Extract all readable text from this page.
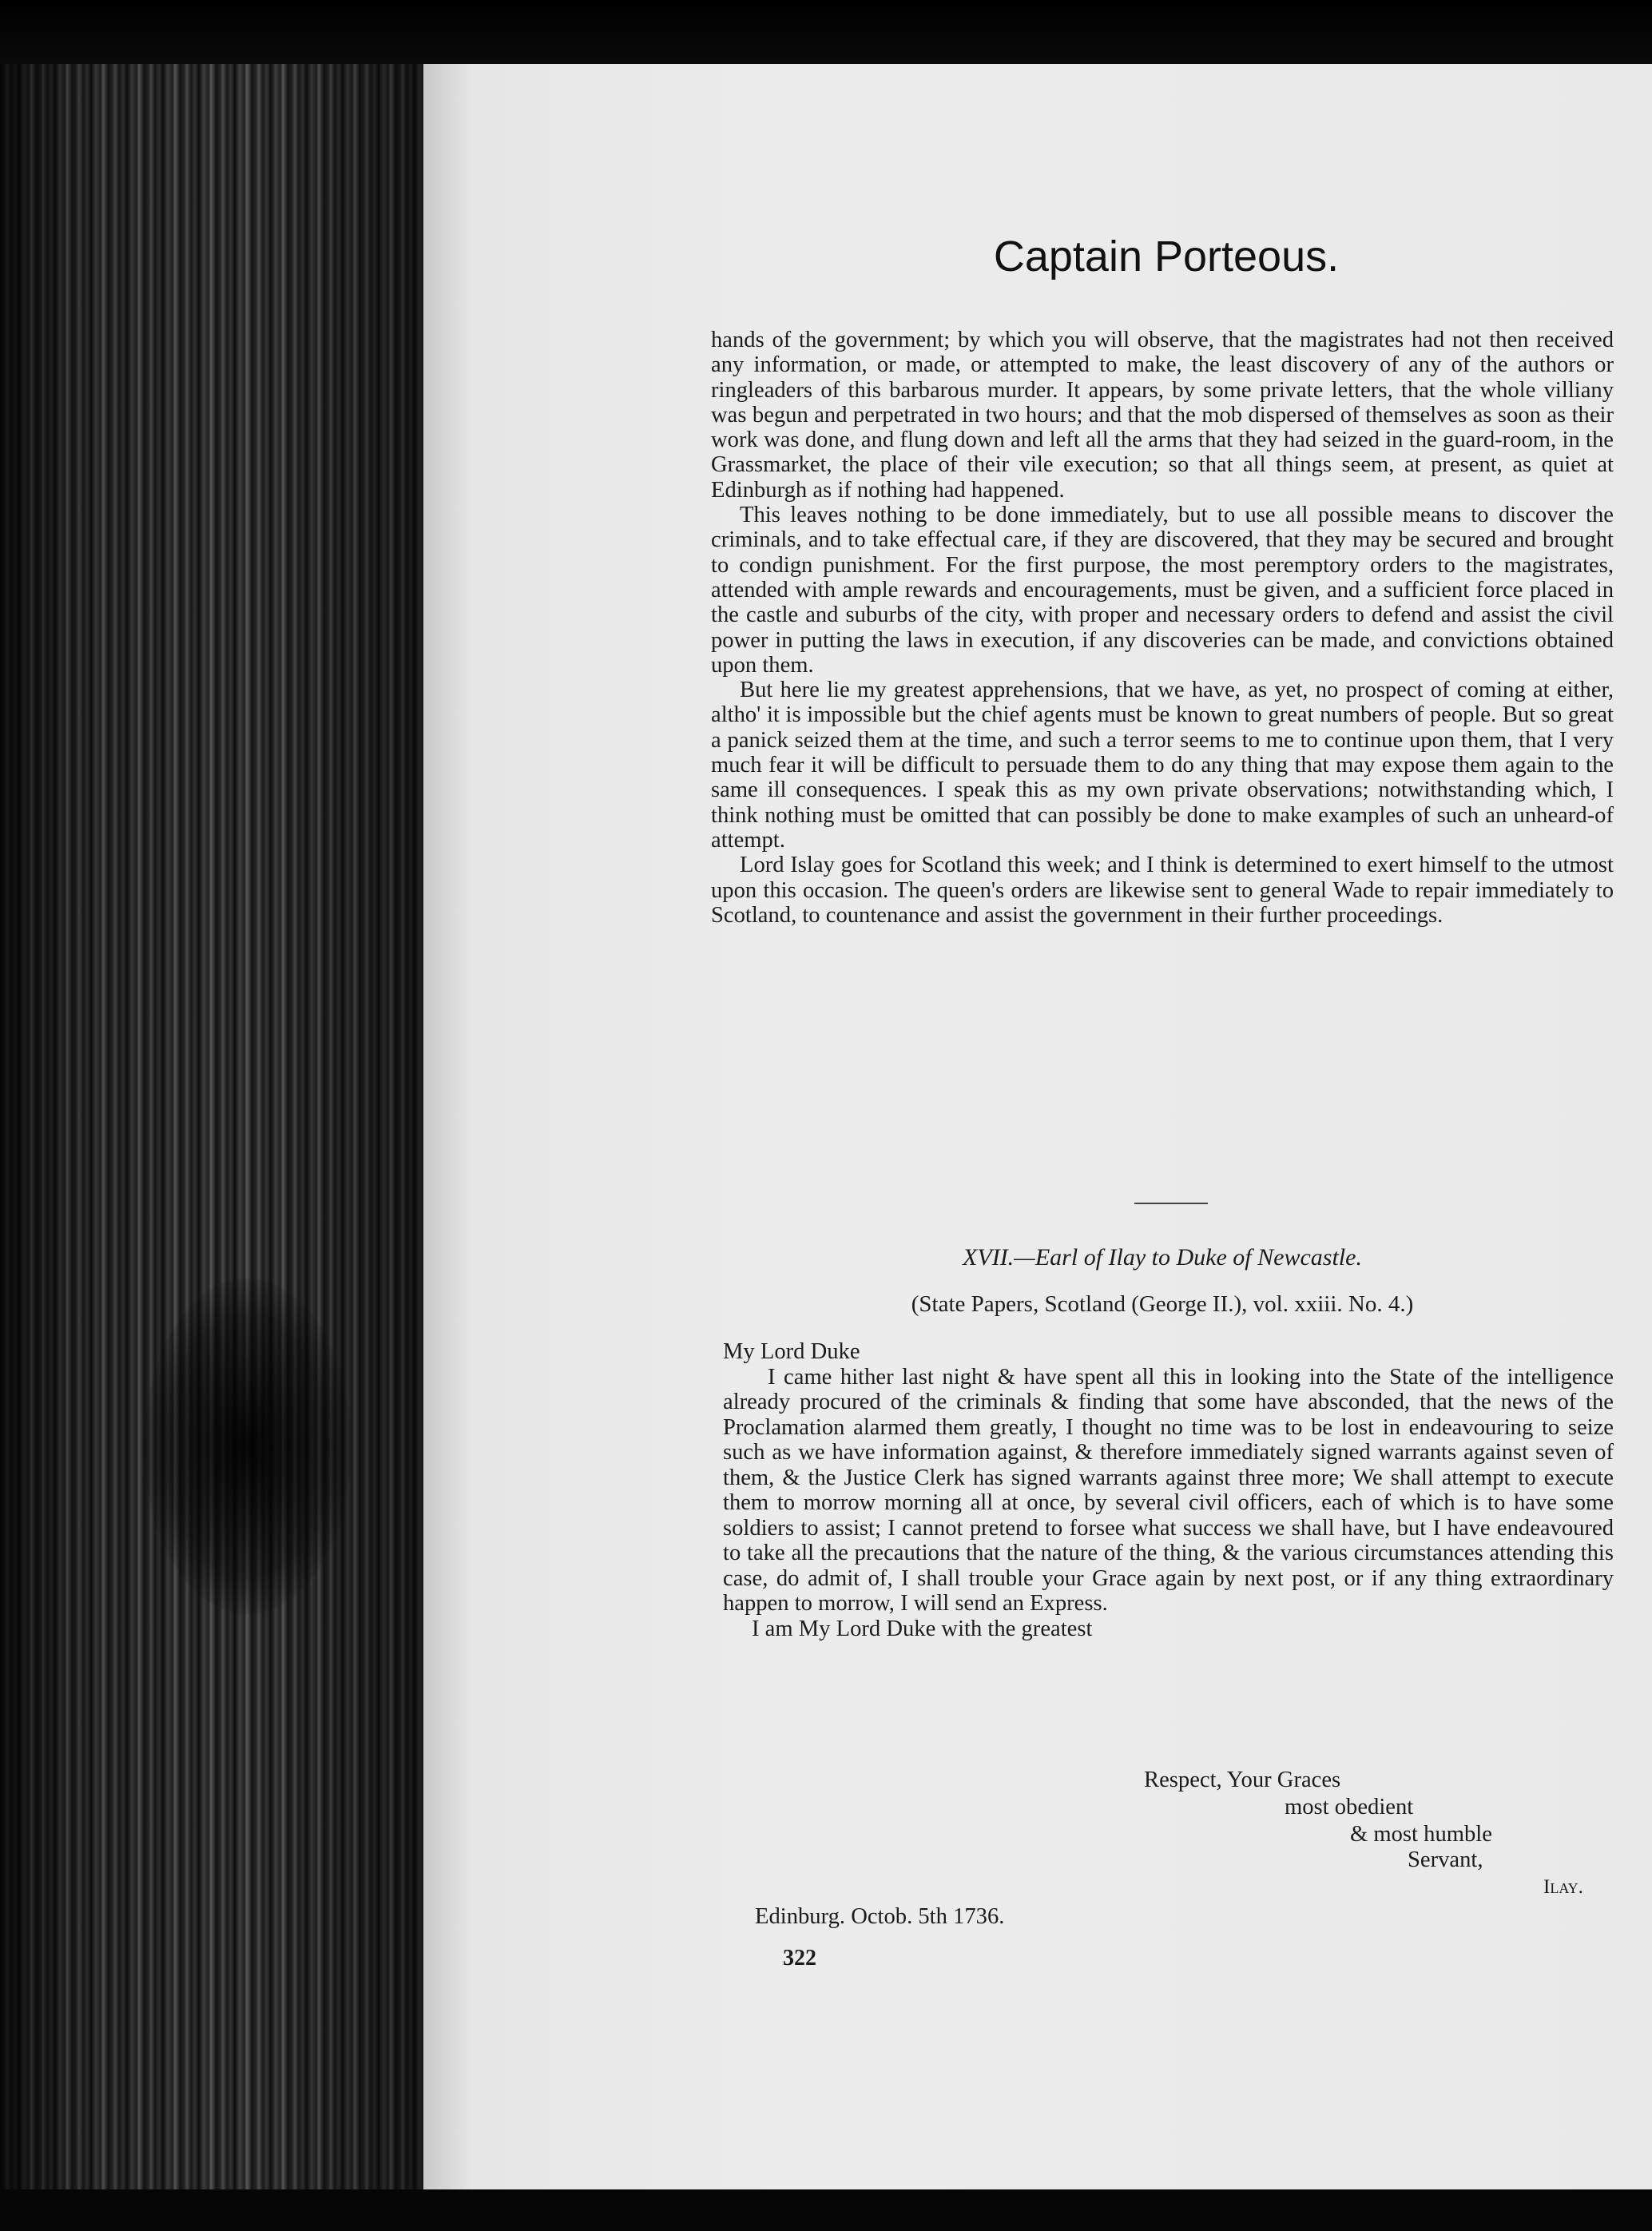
Captain Porteous.

hands of the government; by which you will observe, that the magistrates had not then received any information, or made, or attempted to make, the least discovery of any of the authors or ringleaders of this barbarous murder. It appears, by some private letters, that the whole villiany was begun and perpetrated in two hours; and that the mob dispersed of themselves as soon as their work was done, and flung down and left all the arms that they had seized in the guard-room, in the Grassmarket, the place of their vile execution; so that all things seem, at present, as quiet at Edinburgh as if nothing had happened.

This leaves nothing to be done immediately, but to use all possible means to discover the criminals, and to take effectual care, if they are discovered, that they may be secured and brought to condign punishment. For the first purpose, the most peremptory orders to the magistrates, attended with ample rewards and encouragements, must be given, and a sufficient force placed in the castle and suburbs of the city, with proper and necessary orders to defend and assist the civil power in putting the laws in execution, if any discoveries can be made, and convictions obtained upon them.

But here lie my greatest apprehensions, that we have, as yet, no prospect of coming at either, altho' it is impossible but the chief agents must be known to great numbers of people. But so great a panick seized them at the time, and such a terror seems to me to continue upon them, that I very much fear it will be difficult to persuade them to do any thing that may expose them again to the same ill consequences. I speak this as my own private observations; notwithstanding which, I think nothing must be omitted that can possibly be done to make examples of such an unheard-of attempt.

Lord Islay goes for Scotland this week; and I think is determined to exert himself to the utmost upon this occasion. The queen's orders are likewise sent to general Wade to repair immediately to Scotland, to countenance and assist the government in their further proceedings.

XVII.—Earl of Ilay to Duke of Newcastle.
(State Papers, Scotland (George II.), vol. xxiii. No. 4.)

My Lord Duke

I came hither last night & have spent all this in looking into the State of the intelligence already procured of the criminals & finding that some have absconded, that the news of the Proclamation alarmed them greatly, I thought no time was to be lost in endeavouring to seize such as we have information against, & therefore immediately signed warrants against seven of them, & the Justice Clerk has signed warrants against three more; We shall attempt to execute them to morrow morning all at once, by several civil officers, each of which is to have some soldiers to assist; I cannot pretend to forsee what success we shall have, but I have endeavoured to take all the precautions that the nature of the thing, & the various circumstances attending this case, do admit of, I shall trouble your Grace again by next post, or if any thing extraordinary happen to morrow, I will send an Express.

I am My Lord Duke with the greatest

Respect, Your Graces
most obedient
& most humble
Servant,
Ilay.
Edinburg. Octob. 5th 1736.
322
